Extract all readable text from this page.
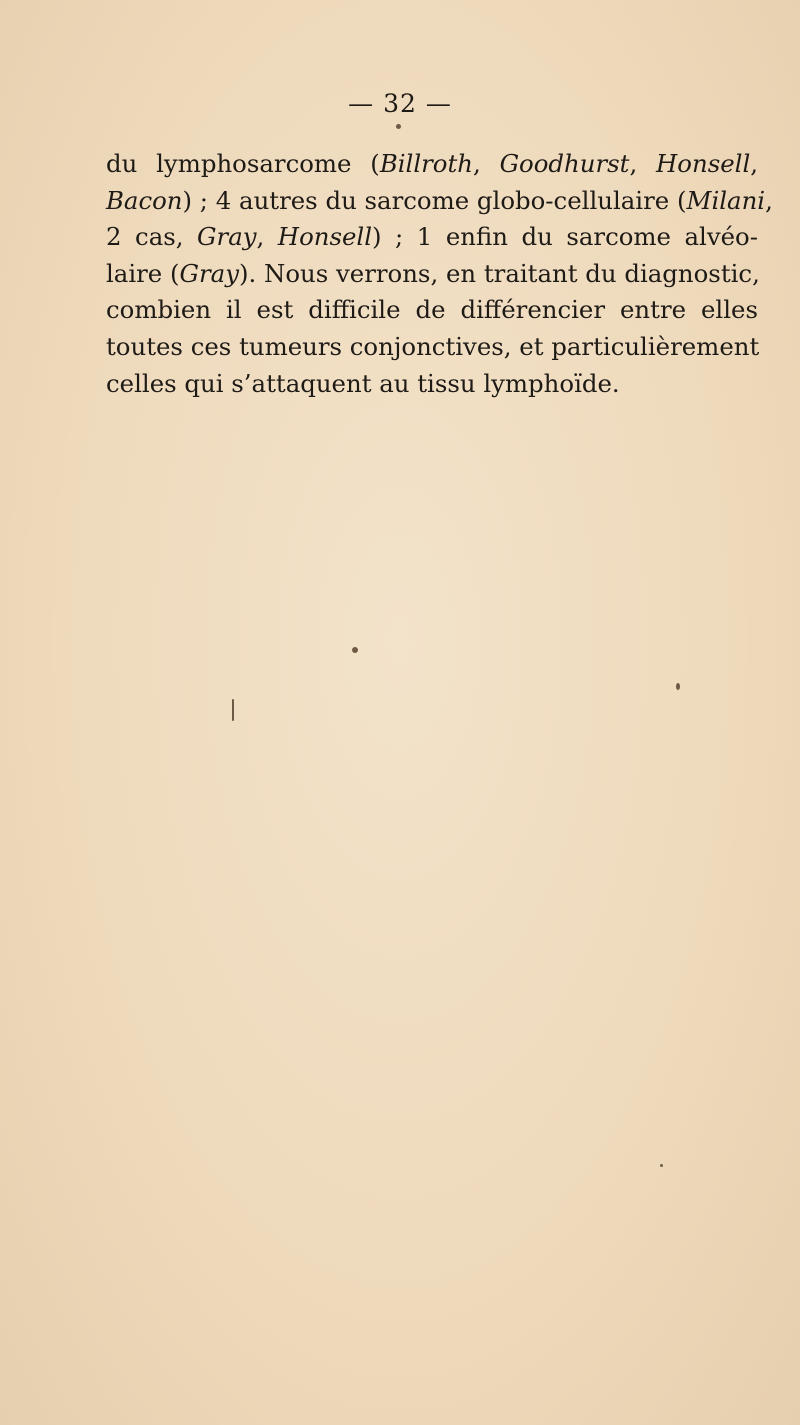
— 32 —
du lymphosarcome (Billroth, Goodhurst, Honsell,
Bacon) ; 4 autres du sarcome globo-cellulaire (Milani,
2 cas, Gray, Honsell) ; 1 enfin du sarcome alvéo-
laire (Gray). Nous verrons, en traitant du diagnostic,
combien il est difficile de différencier entre elles
toutes ces tumeurs conjonctives, et particulièrement
celles qui s’attaquent au tissu lymphoïde.
